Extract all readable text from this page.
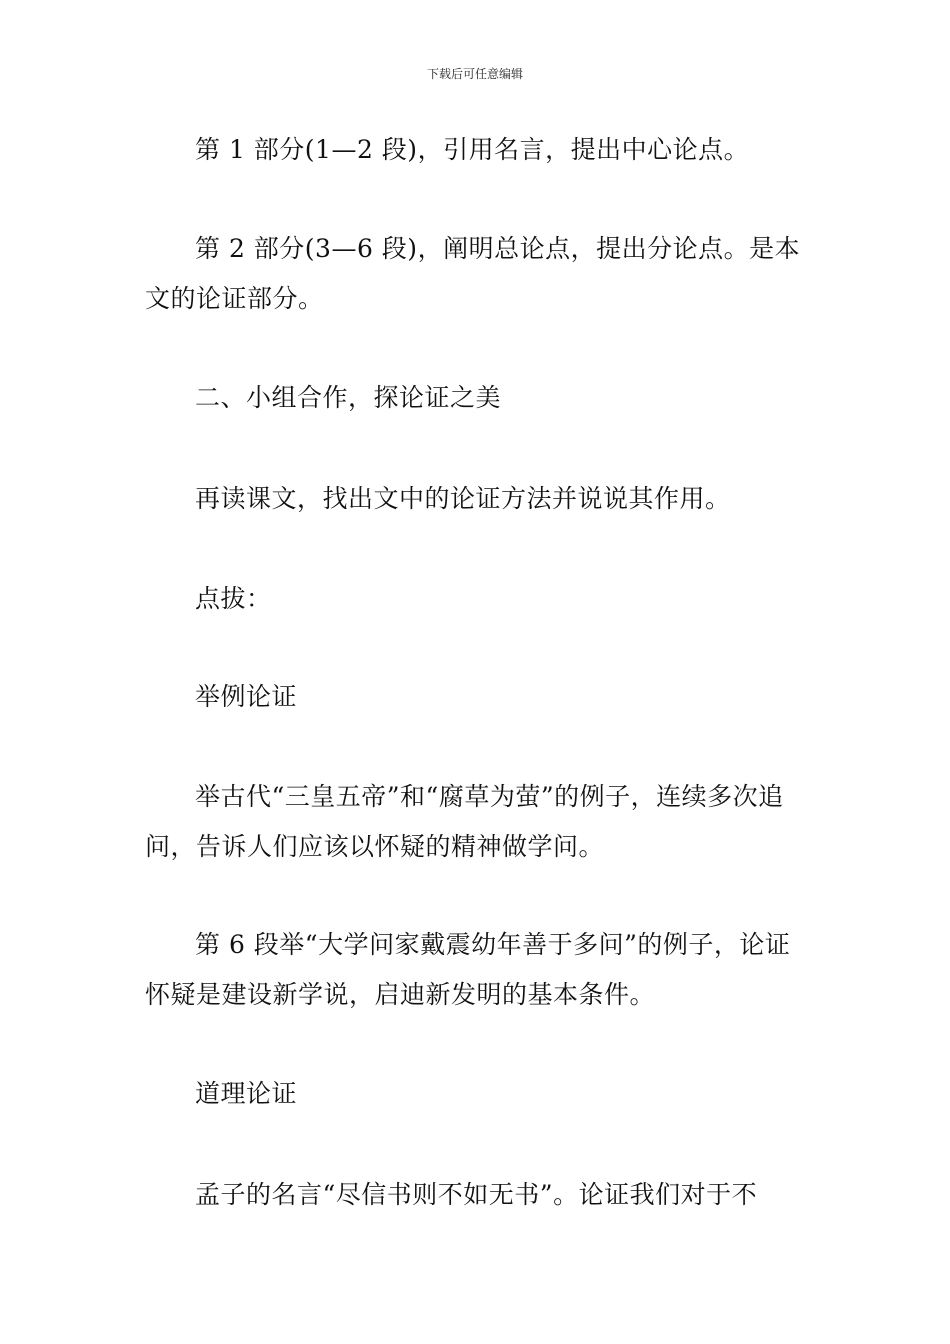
下载后可任意编辑

第 1 部分(1—2 段)，引用名言，提出中心论点。

第 2 部分(3—6 段)，阐明总论点，提出分论点。是本文的论证部分。

二、小组合作，探论证之美

再读课文，找出文中的论证方法并说说其作用。

点拔：

举例论证

举古代“三皇五帝”和“腐草为萤”的例子，连续多次追问，告诉人们应该以怀疑的精神做学问。

第 6 段举“大学问家戴震幼年善于多问”的例子，论证怀疑是建设新学说，启迪新发明的基本条件。

道理论证

孟子的名言“尽信书则不如无书”。论证我们对于不
